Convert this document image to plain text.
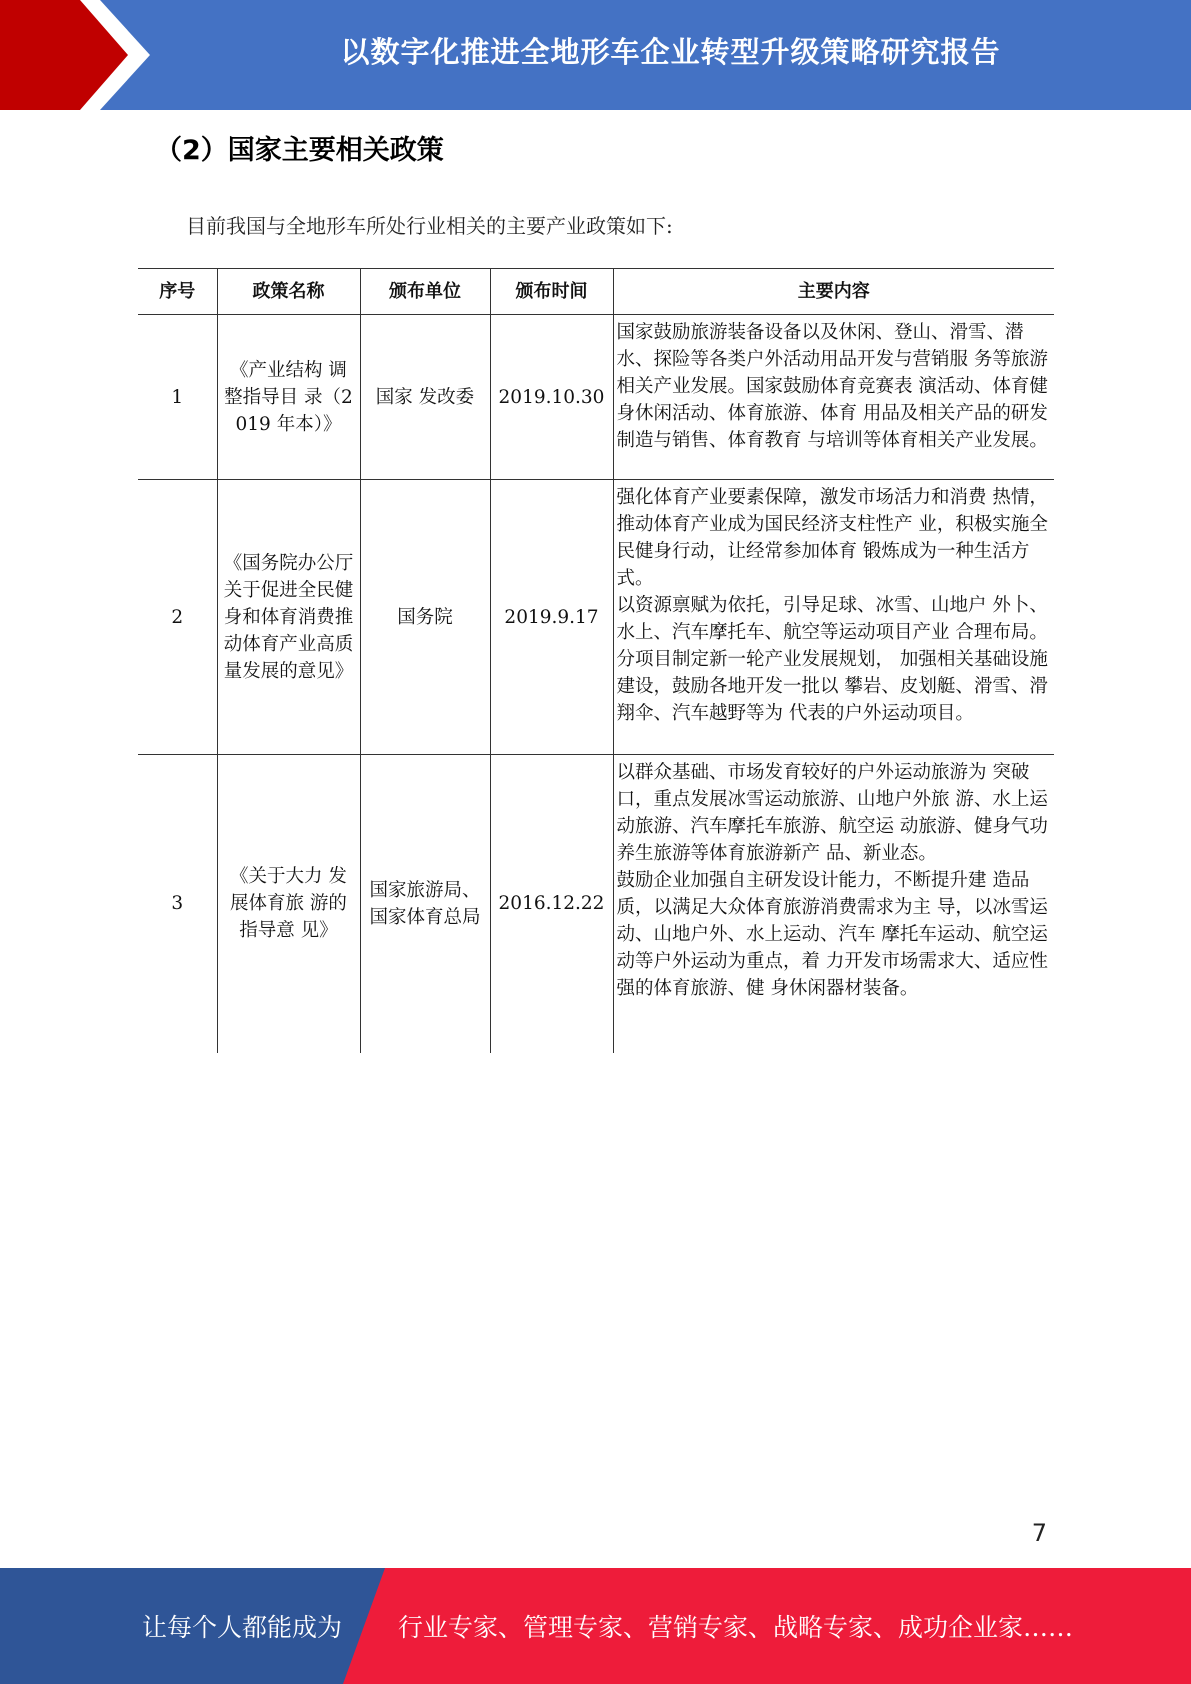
以数字化推进全地形车企业转型升级策略研究报告
（2）国家主要相关政策
目前我国与全地形车所处行业相关的主要产业政策如下:
序号	政策名称	颁布单位	颁布时间	主要内容
1	《产业结构 调整指导目 录（2019 年本）》	国家 发改委	2019.10.30	国家鼓励旅游装备设备以及休闲、登山、滑雪、潜水、探险等各类户外活动用品开发与营销服 务等旅游相关产业发展。国家鼓励体育竞赛表 演活动、体育健身休闲活动、体育旅游、体育 用品及相关产品的研发制造与销售、体育教育 与培训等体育相关产业发展。
2	《国务院办公厅关于促进全民健身和体育消费推动体育产业高质量发展的意见》	国务院	2019.9.17	强化体育产业要素保障，激发市场活力和消费 热情，推动体育产业成为国民经济支柱性产 业，积极实施全民健身行动，让经常参加体育 锻炼成为一种生活方式。
以资源禀赋为依托，引导足球、冰雪、山地户 外卜、水上、汽车摩托车、航空等运动项目产业 合理布局。分项目制定新一轮产业发展规划， 加强相关基础设施建设，鼓励各地开发一批以 攀岩、皮划艇、滑雪、滑翔伞、汽车越野等为 代表的户外运动项目。
3	《关于大力 发展体育旅 游的指导意 见》	国家旅游局、国家体育总局	2016.12.22	以群众基础、市场发育较好的户外运动旅游为 突破口，重点发展冰雪运动旅游、山地户外旅 游、水上运动旅游、汽车摩托车旅游、航空运 动旅游、健身气功养生旅游等体育旅游新产 品、新业态。
鼓励企业加强自主研发设计能力，不断提升建 造品质，以满足大众体育旅游消费需求为主 导，以冰雪运动、山地户外、水上运动、汽车 摩托车运动、航空运动等户外运动为重点，着 力开发市场需求大、适应性强的体育旅游、健 身休闲器材装备。
7
让每个人都能成为 行业专家、管理专家、营销专家、战略专家、成功企业家……
